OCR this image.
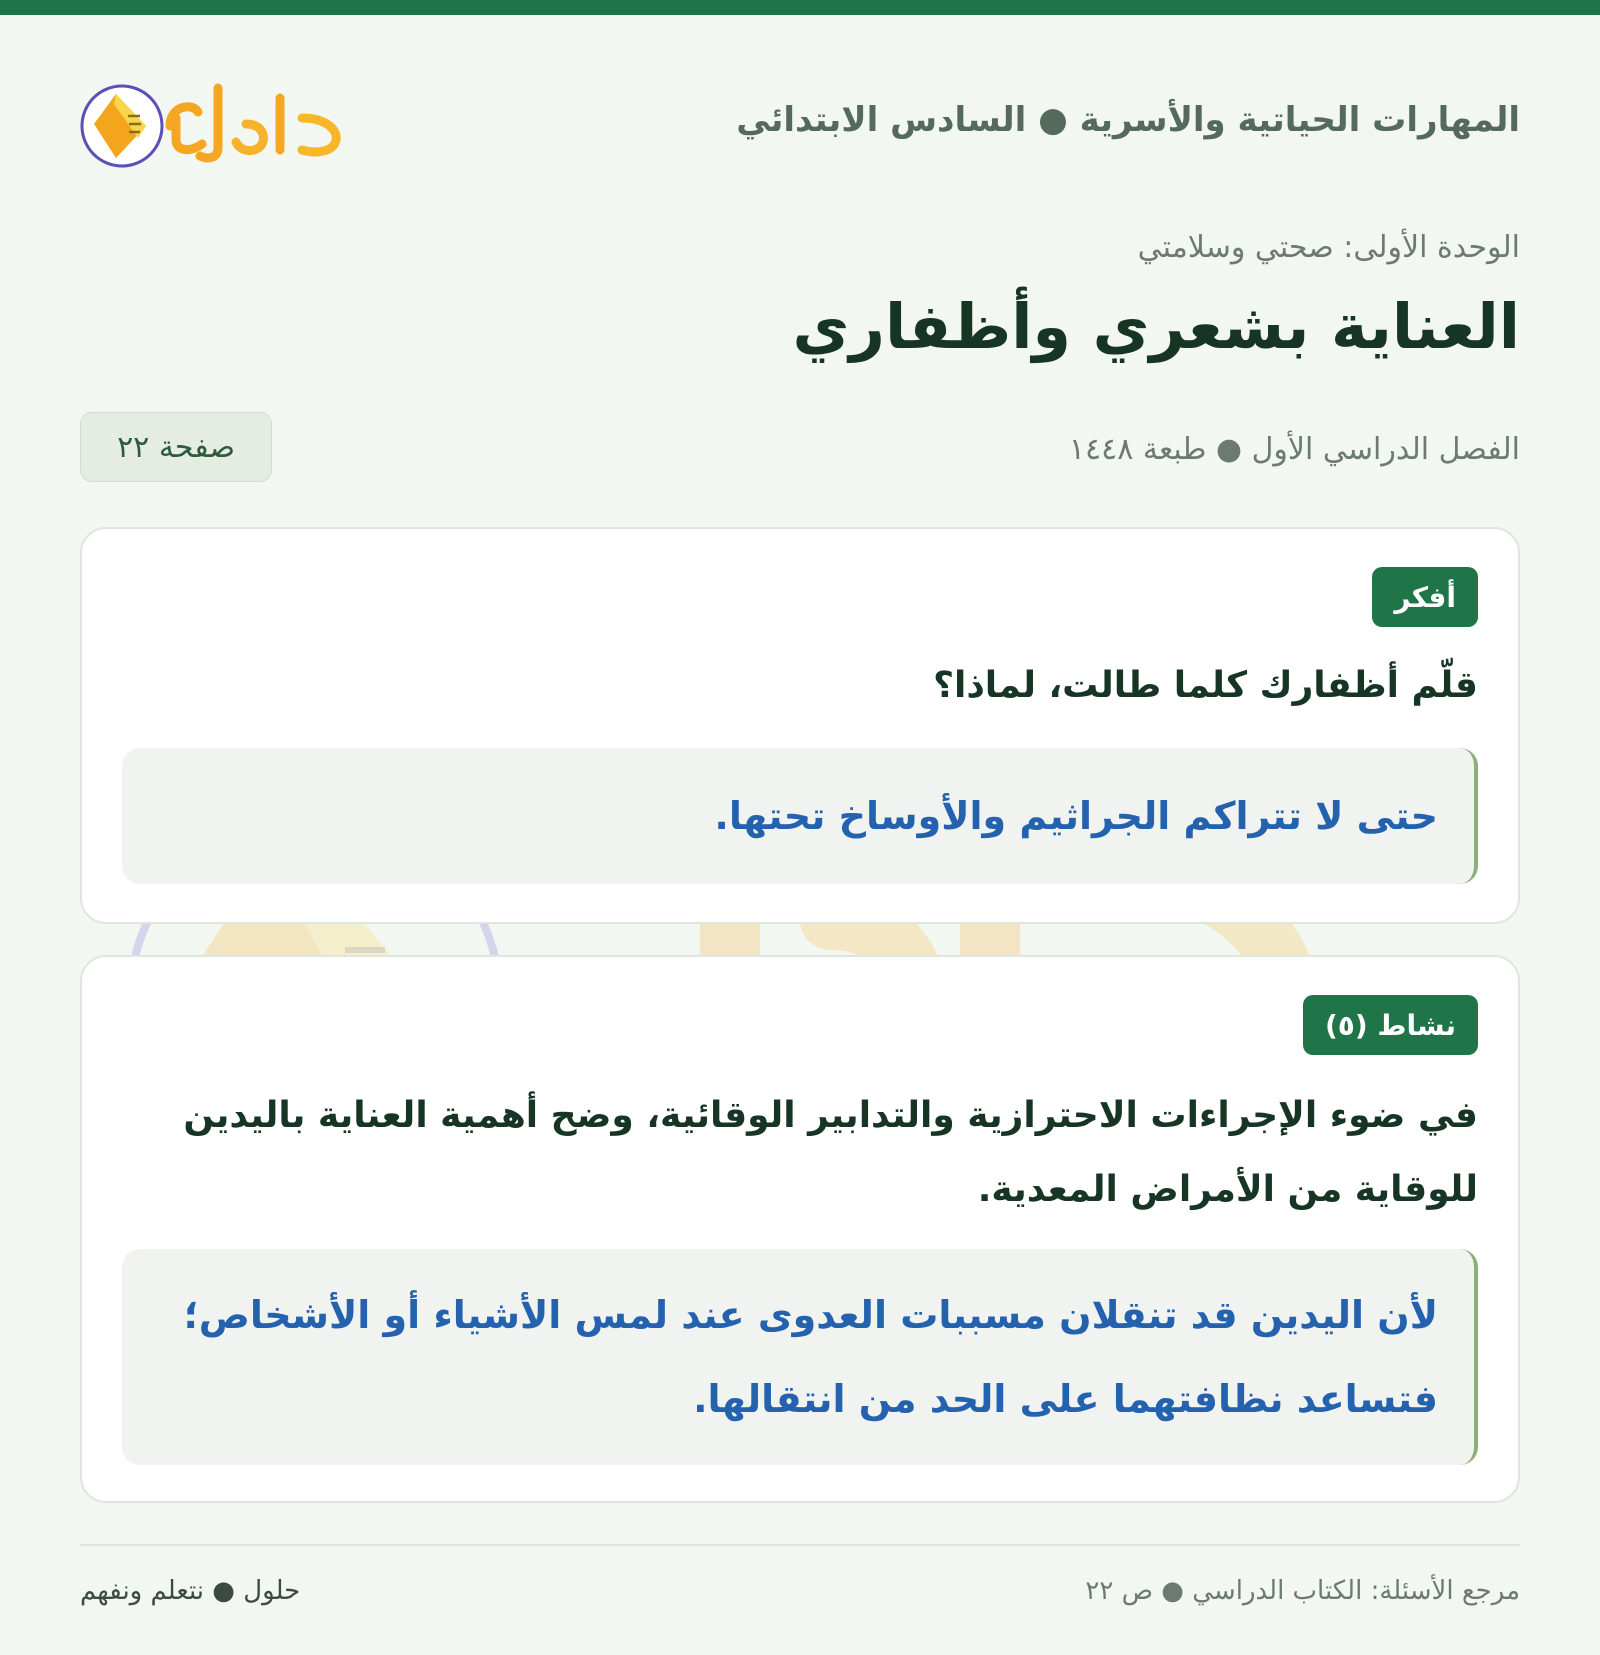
المهارات الحياتية والأسرية ● السادس الابتدائي
الوحدة الأولى: صحتي وسلامتي
العناية بشعري وأظفاري
الفصل الدراسي الأول ● طبعة ١٤٤٨
صفحة ٢٢
أفكر

قلّم أظفارك كلما طالت، لماذا؟

حتى لا تتراكم الجراثيم والأوساخ تحتها.
نشاط (٥)

في ضوء الإجراءات الاحترازية والتدابير الوقائية، وضح أهمية العناية باليدين للوقاية من الأمراض المعدية.

لأن اليدين قد تنقلان مسببات العدوى عند لمس الأشياء أو الأشخاص؛ فتساعد نظافتهما على الحد من انتقالها.
مرجع الأسئلة: الكتاب الدراسي ● ص ٢٢
حلول ● نتعلم ونفهم
